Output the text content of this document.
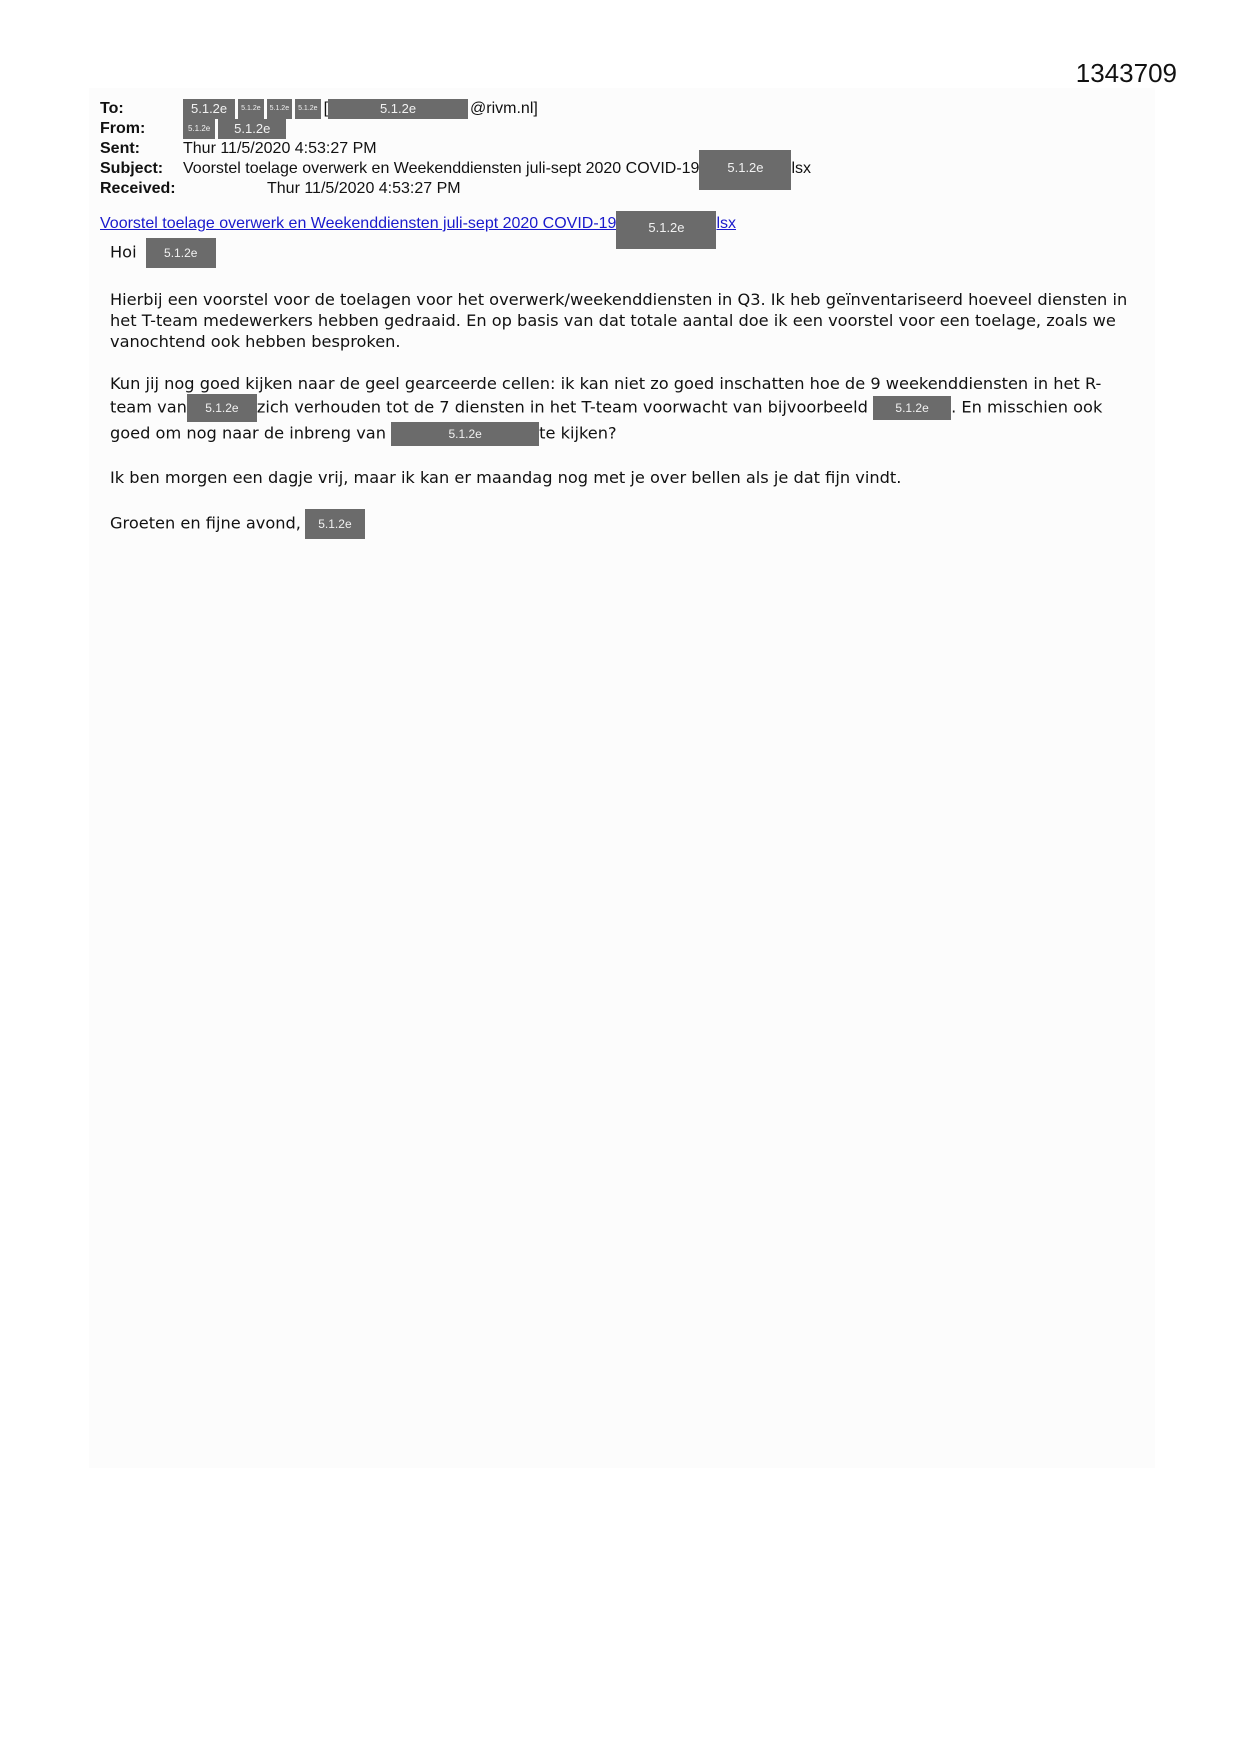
1343709
To:	5.1.2e	5.1.2e	5.1.2e	5.1.2e [	5.1.2e	@rivm.nl]
From:	5.1.2e	5.1.2e
Sent:	Thur 11/5/2020 4:53:27 PM
Subject: Voorstel toelage overwerk en Weekenddiensten juli-sept 2020 COVID-19	5.1.2e	lsx
Received:	Thur 11/5/2020 4:53:27 PM
Voorstel toelage overwerk en Weekenddiensten juli-sept 2020 COVID-19	5.1.2e	lsx

Hoi 5.1.2e

Hierbij een voorstel voor de toelagen voor het overwerk/weekenddiensten in Q3. Ik heb geïnventariseerd hoeveel diensten in het T-team medewerkers hebben gedraaid. En op basis van dat totale aantal doe ik een voorstel voor een toelage, zoals we vanochtend ook hebben besproken.

Kun jij nog goed kijken naar de geel gearceerde cellen: ik kan niet zo goed inschatten hoe de 9 weekenddiensten in het R-team van 5.1.2e zich verhouden tot de 7 diensten in het T-team voorwacht van bijvoorbeeld 5.1.2e . En misschien ook goed om nog naar de inbreng van	5.1.2e	te kijken?

Ik ben morgen een dagje vrij, maar ik kan er maandag nog met je over bellen als je dat fijn vindt.

Groeten en fijne avond, 5.1.2e
